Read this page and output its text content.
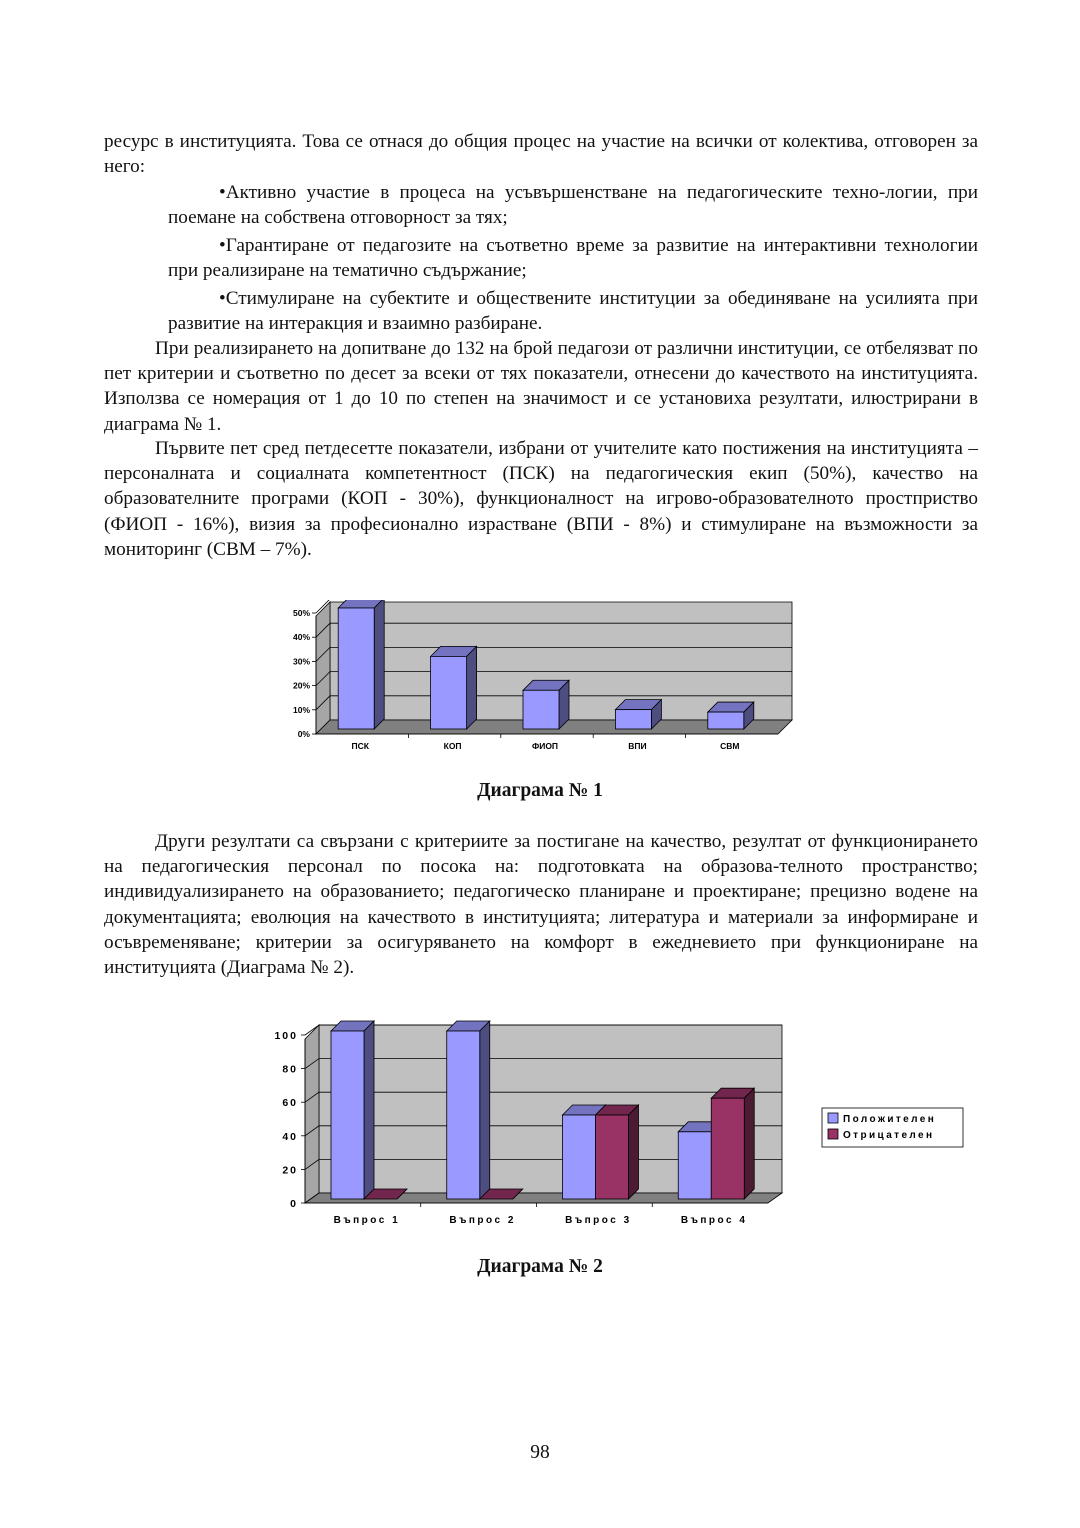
ресурс в институцията. Това се отнася до общия процес на участие на всички от колектива, отговорен за него:

•Активно участие в процеса на усъвършенстване на педагогическите техно-логии, при поемане на собствена отговорност за тях;

•Гарантиране от педагозите на съответно време за развитие на интерактивни технологии при реализиране на тематично съдържание;

•Стимулиране на субектите и обществените институции за обединяване на усилията при развитие на интеракция и взаимно разбиране.

При реализирането на допитване до 132 на брой педагози от различни институции, се отбелязват по пет критерии и съответно по десет за всеки от тях показатели, отнесени до качеството на институцията. Използва се номерация от 1 до 10 по степен на значимост и се установиха резултати, илюстрирани в диаграма № 1.

Първите пет сред петдесетте показатели, избрани от учителите като постижения на институцията – персоналната и социалната компетентност (ПСК) на педагогическия екип (50%), качество на образователните програми (КОП - 30%), функционалност на игрово-образователното простприство (ФИОП - 16%), визия за професионално израстване (ВПИ - 8%) и стимулиране на възможности за мониторинг (СВМ – 7%).

0%
10%
20%
30%
40%
50%
ПСК	КОП	ФИОП	ВПИ	СВМ
Диаграма № 1

Други резултати са свързани с критериите за постигане на качество, резултат от функционирането на педагогическия персонал по посока на: подготовката на образова-телното пространство; индивидуализирането на образованието; педагогическо планиране и проектиране; прецизно водене на документацията; еволюция на качеството в институцията; литература и материали за информиране и осъвременяване; критерии за осигуряването на комфорт в ежедневието при функциониране на институцията (Диаграма № 2).

0
20
40
60
80
100
Въпрос 1	Въпрос 2	Въпрос 3	Въпрос 4
Положителен
Отрицателен
Диаграма № 2
98
